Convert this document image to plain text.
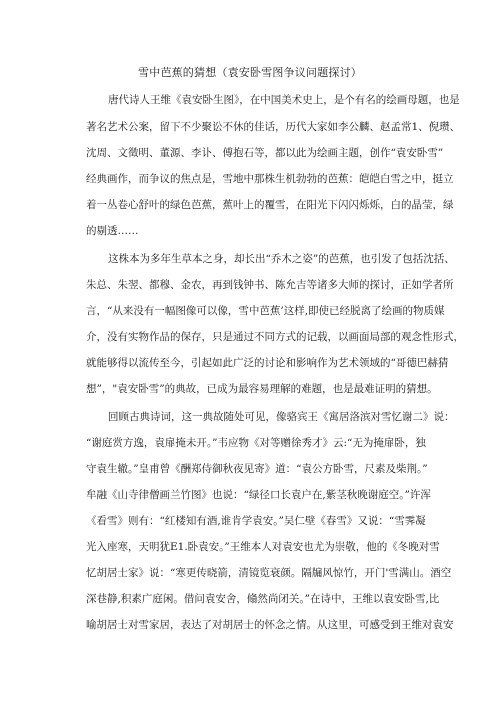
雪中芭蕉的猜想（袁安卧雪图争议问题探讨）
唐代诗人王维《袁安卧生图》，在中国美术史上，是个有名的绘画母题，也是
著名艺术公案，留下不少聚讼不休的佳话，历代大家如李公麟、赵孟常1、倪瓒、
沈周、文徵明、董源、李讣、傅抱石等，都以此为绘画主题，创作“袁安卧雪”
经典画作，而争议的焦点是，雪地中那株生机勃勃的芭蕉：皑皑白雪之中，挺立
着一丛卷心舒叶的绿色芭蕉，蕉叶上的覆雪，在阳光下闪闪烁烁，白的晶莹，绿
的剔透……
这株本为多年生草本之身，却长出“乔木之姿”的芭蕉，也引发了包括沈括、
朱总、朱翌、都穆、金农，再到钱钟书、陈允吉等诸多大师的探讨，正如学者所
言，“从来没有一幅图像可以像，雪中芭蕉’这样,即使已经脱离了绘画的物质媒
介，没有实物作品的保存，只是通过不同方式的记载，以画面局部的观念性形式，
就能够得以流传至今，引起如此广泛的讨论和影响作为艺术领域的“哥德巴赫猜
想”，"袁安卧雪”的典故，已成为最容易理解的难题，也是最难证明的猜想。
回顾古典诗词，这一典故随处可见，像骆宾王《寓居洛滨对雪忆谢二》说：
“谢庭赏方逸，袁扉掩未开。”韦应物《对等赠徐秀才》云:“无为掩扉卧，独
守袁生辙。”皇甫曾《酬郑侍御秋夜见寄》道：“袁公方卧雪，尺素及柴荆。”
牟融《山寺律僧画兰竹图》也说：“绿径口长袁户在,紫茎秋晚谢庭空。”许浑
《看雪》则有：“红楼知有酒,谁肯学袁安。”吴仁壁《春雪》又说：“雪霁凝
光入座寒，天明犹E1.卧袁安。”王维本人对袁安也尤为崇敬，他的《冬晚对雪
忆胡居士家》说：“寒更传晓箭，清镜览衰颜。隔牖风惊竹，开门'雪满山。酒空
深巷静,积素广庭闲。借问袁安舍，翛然尚闭关。”在诗中，王维以袁安卧雪,比
喻胡居士对雪家居，表达了对胡居士的怀念之情。从这里，可感受到王维对袁安
